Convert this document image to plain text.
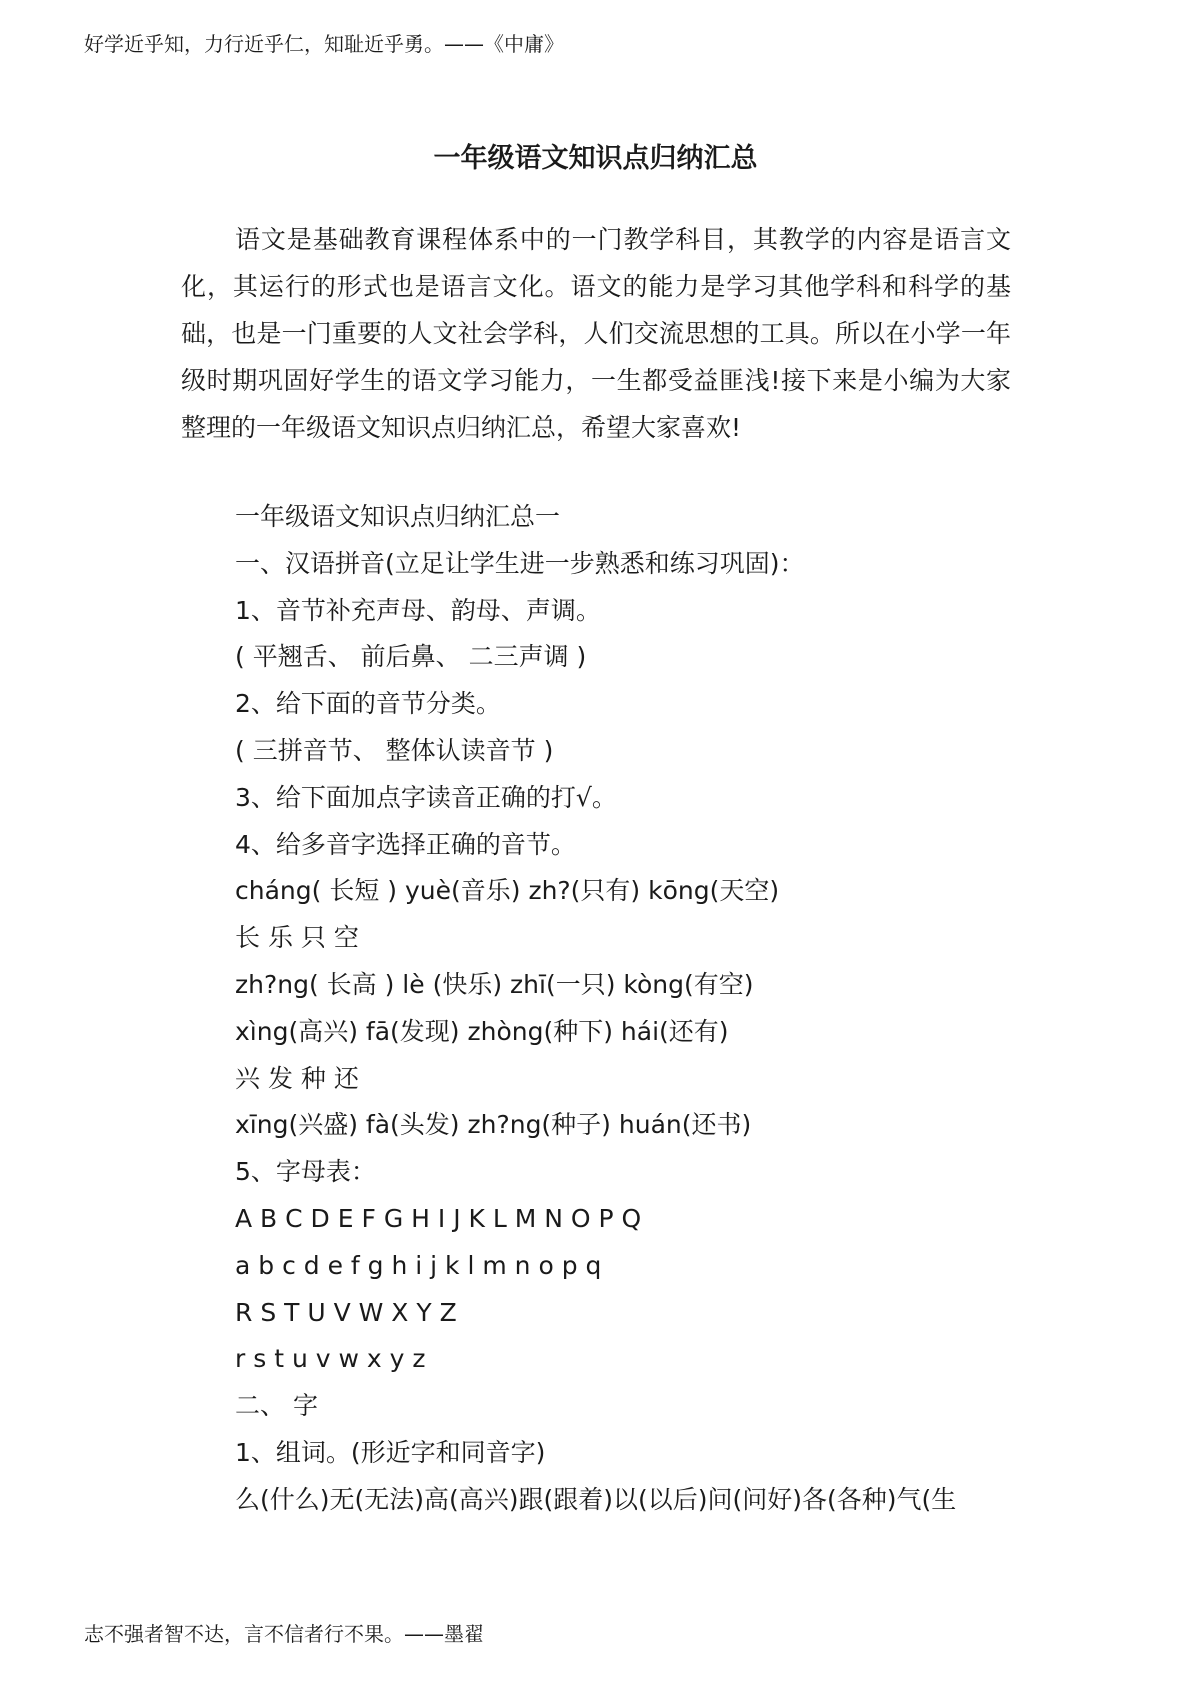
好学近乎知，力行近乎仁，知耻近乎勇。——《中庸》
一年级语文知识点归纳汇总

语文是基础教育课程体系中的一门教学科目，其教学的内容是语言文化，其运行的形式也是语言文化。语文的能力是学习其他学科和科学的基础，也是一门重要的人文社会学科，人们交流思想的工具。所以在小学一年级时期巩固好学生的语文学习能力，一生都受益匪浅!接下来是小编为大家整理的一年级语文知识点归纳汇总，希望大家喜欢!

一年级语文知识点归纳汇总一
一、汉语拼音(立足让学生进一步熟悉和练习巩固)：
1、音节补充声母、韵母、声调。
( 平翘舌、 前后鼻、 二三声调 )
2、给下面的音节分类。
( 三拼音节、 整体认读音节 )
3、给下面加点字读音正确的打√。
4、给多音字选择正确的音节。
cháng( 长短 ) yuè(音乐) zh?(只有) kōng(天空)
长 乐 只 空
zh?ng( 长高 ) lè (快乐) zhī(一只) kòng(有空)
xìng(高兴) fā(发现) zhòng(种下) hái(还有)
兴 发 种 还
xīng(兴盛) fà(头发) zh?ng(种子) huán(还书)
5、字母表：
A B C D E F G H I J K L M N O P Q
a b c d e f g h i j k l m n o p q
R S T U V W X Y Z
r s t u v w x y z
二、 字
1、组词。(形近字和同音字)
么(什么)无(无法)高(高兴)跟(跟着)以(以后)问(问好)各(各种)气(生
志不强者智不达，言不信者行不果。——墨翟
